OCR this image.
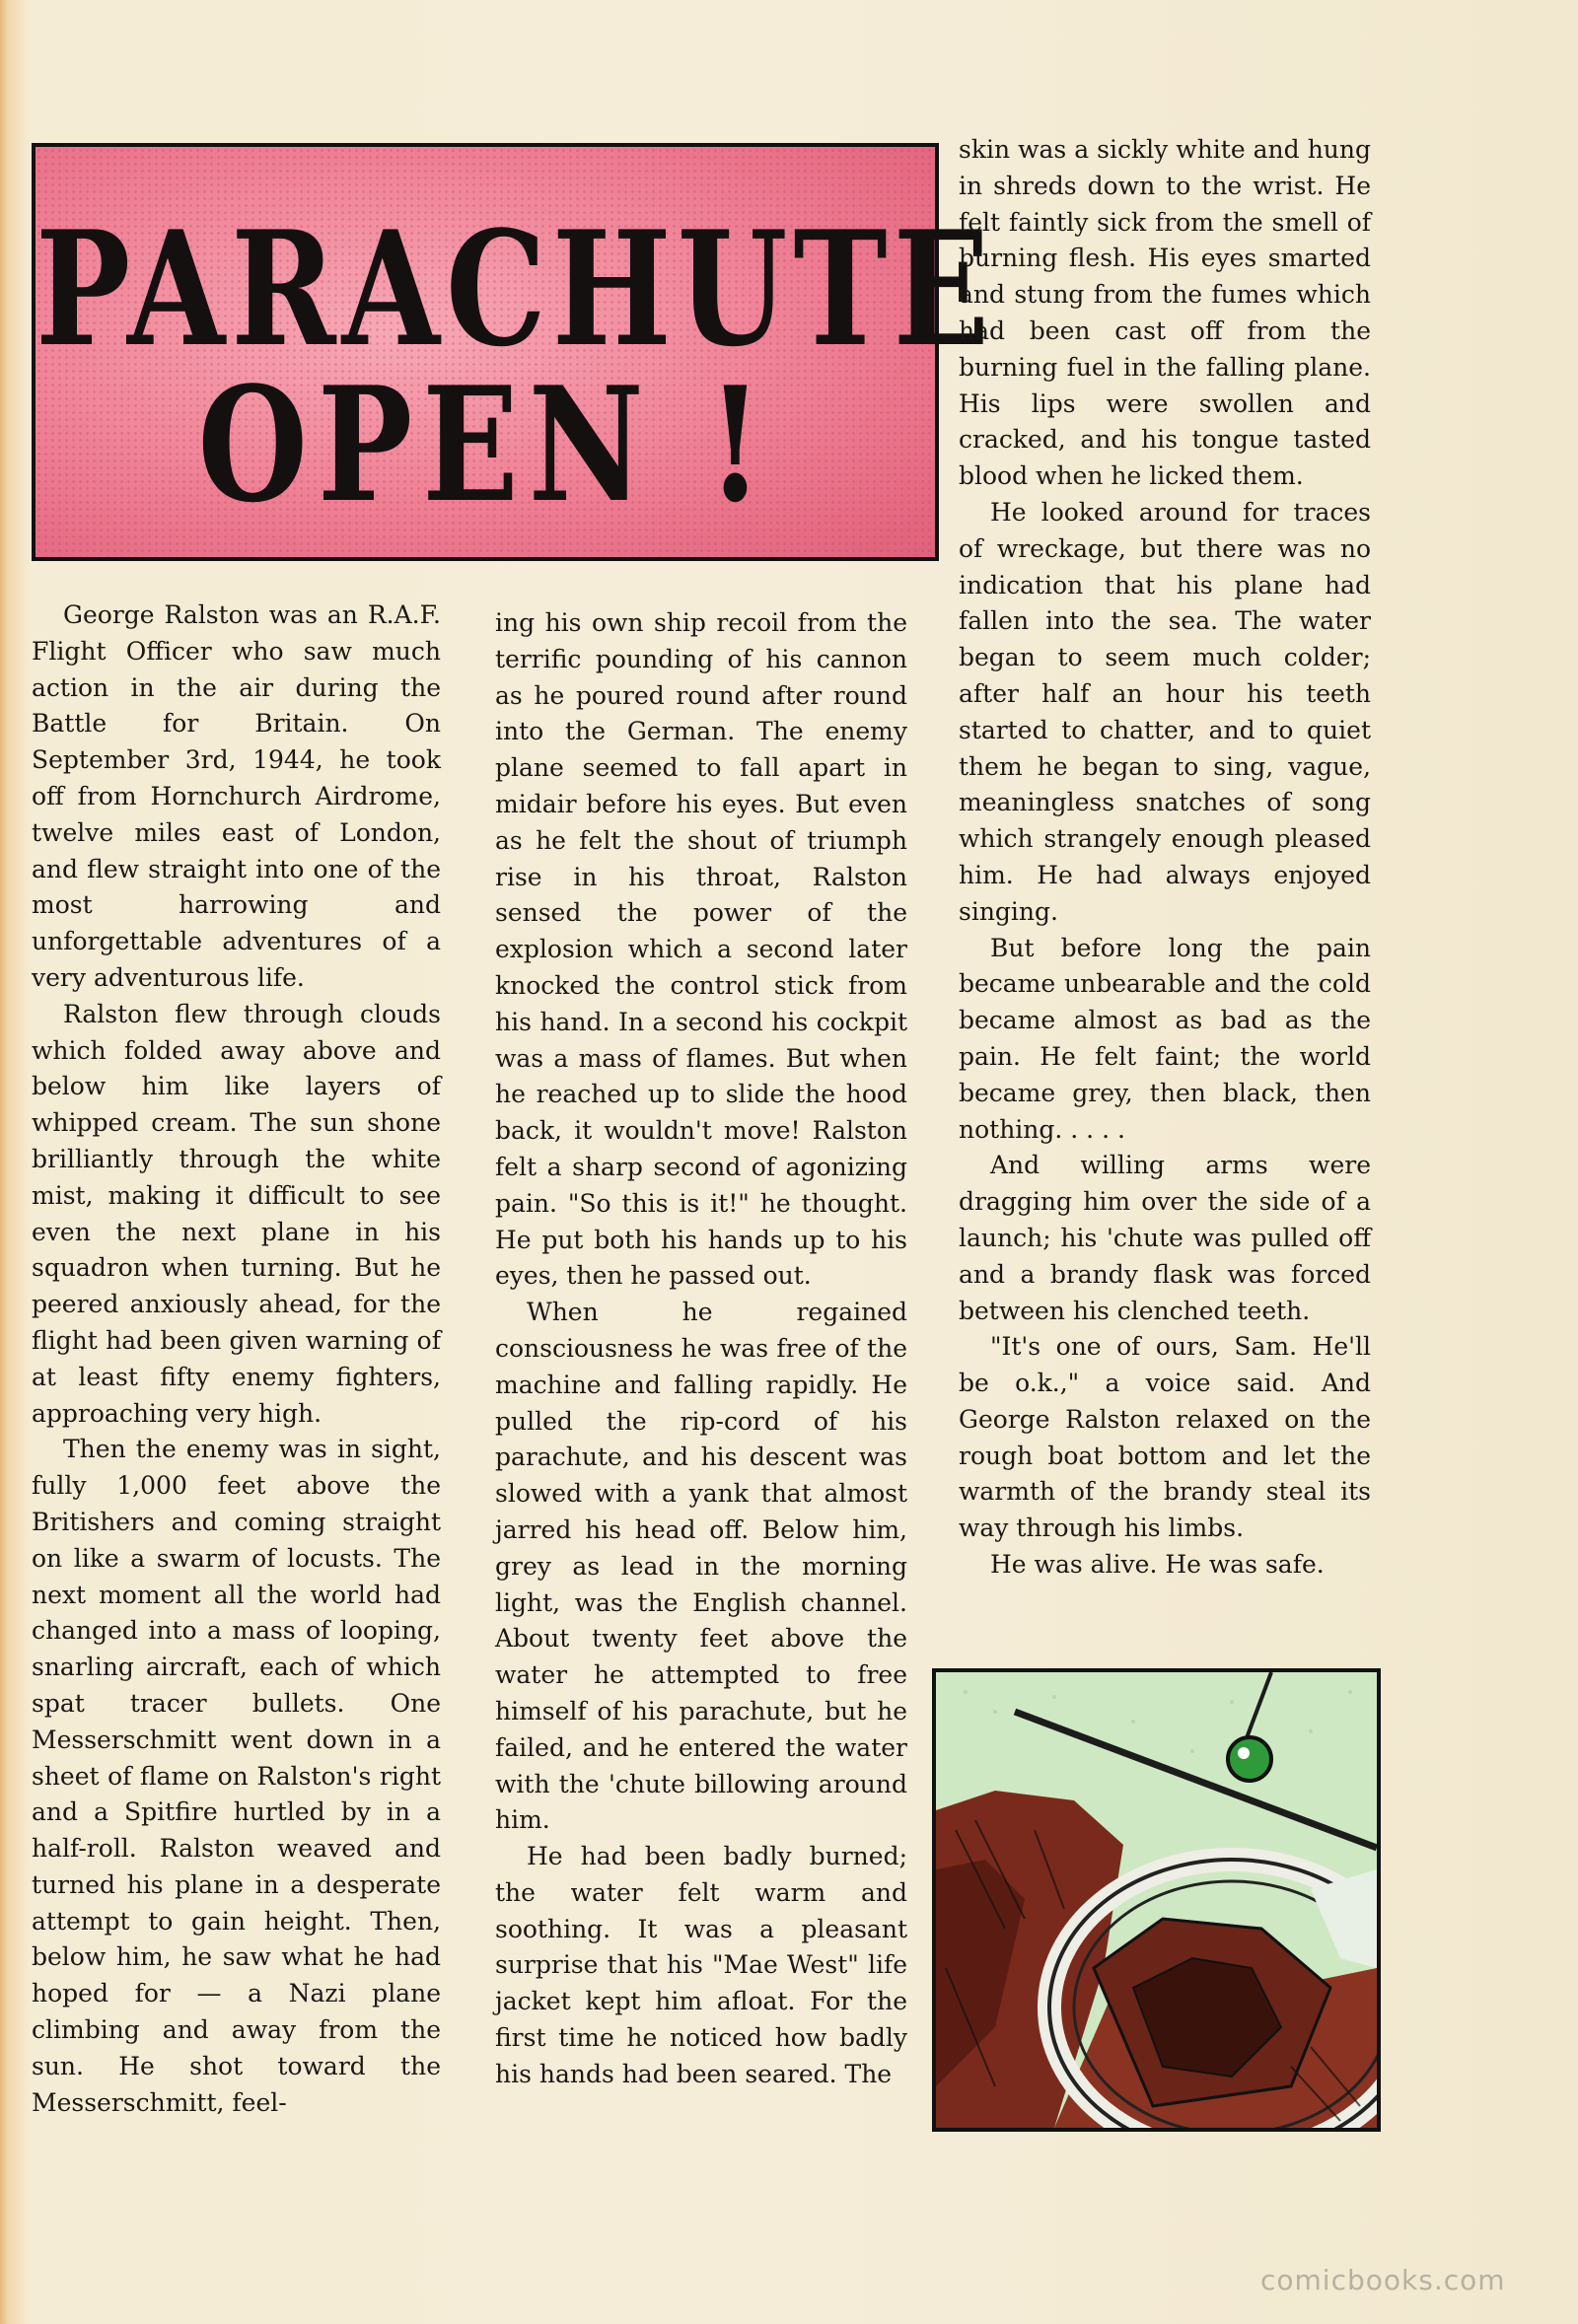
PARACHUTE
OPEN !

George Ralston was an R.A.F. Flight Officer who saw much action in the air during the Battle for Britain. On September 3rd, 1944, he took off from Hornchurch Airdrome, twelve miles east of London, and flew straight into one of the most harrowing and unforgettable adventures of a very adventurous life.

Ralston flew through clouds which folded away above and below him like layers of whipped cream. The sun shone brilliantly through the white mist, making it difficult to see even the next plane in his squadron when turning. But he peered anxiously ahead, for the flight had been given warning of at least fifty enemy fighters, approaching very high.

Then the enemy was in sight, fully 1,000 feet above the Britishers and coming straight on like a swarm of locusts. The next moment all the world had changed into a mass of looping, snarling aircraft, each of which spat tracer bullets. One Messerschmitt went down in a sheet of flame on Ralston's right and a Spitfire hurtled by in a half-roll. Ralston weaved and turned his plane in a desperate attempt to gain height. Then, below him, he saw what he had hoped for — a Nazi plane climbing and away from the sun. He shot toward the Messerschmitt, feel-

ing his own ship recoil from the terrific pounding of his cannon as he poured round after round into the German. The enemy plane seemed to fall apart in midair before his eyes. But even as he felt the shout of triumph rise in his throat, Ralston sensed the power of the explosion which a second later knocked the control stick from his hand. In a second his cockpit was a mass of flames. But when he reached up to slide the hood back, it wouldn't move! Ralston felt a sharp second of agonizing pain. "So this is it!" he thought. He put both his hands up to his eyes, then he passed out.

When he regained consciousness he was free of the machine and falling rapidly. He pulled the rip-cord of his parachute, and his descent was slowed with a yank that almost jarred his head off. Below him, grey as lead in the morning light, was the English channel. About twenty feet above the water he attempted to free himself of his parachute, but he failed, and he entered the water with the 'chute billowing around him.

He had been badly burned; the water felt warm and soothing. It was a pleasant surprise that his "Mae West" life jacket kept him afloat. For the first time he noticed how badly his hands had been seared. The

skin was a sickly white and hung in shreds down to the wrist. He felt faintly sick from the smell of burning flesh. His eyes smarted and stung from the fumes which had been cast off from the burning fuel in the falling plane. His lips were swollen and cracked, and his tongue tasted blood when he licked them.

He looked around for traces of wreckage, but there was no indication that his plane had fallen into the sea. The water began to seem much colder; after half an hour his teeth started to chatter, and to quiet them he began to sing, vague, meaningless snatches of song which strangely enough pleased him. He had always enjoyed singing.

But before long the pain became unbearable and the cold became almost as bad as the pain. He felt faint; the world became grey, then black, then nothing. . . . .

And willing arms were dragging him over the side of a launch; his 'chute was pulled off and a brandy flask was forced between his clenched teeth.

"It's one of ours, Sam. He'll be o.k.," a voice said. And George Ralston relaxed on the rough boat bottom and let the warmth of the brandy steal its way through his limbs.

He was alive. He was safe.

comicbooks.com
